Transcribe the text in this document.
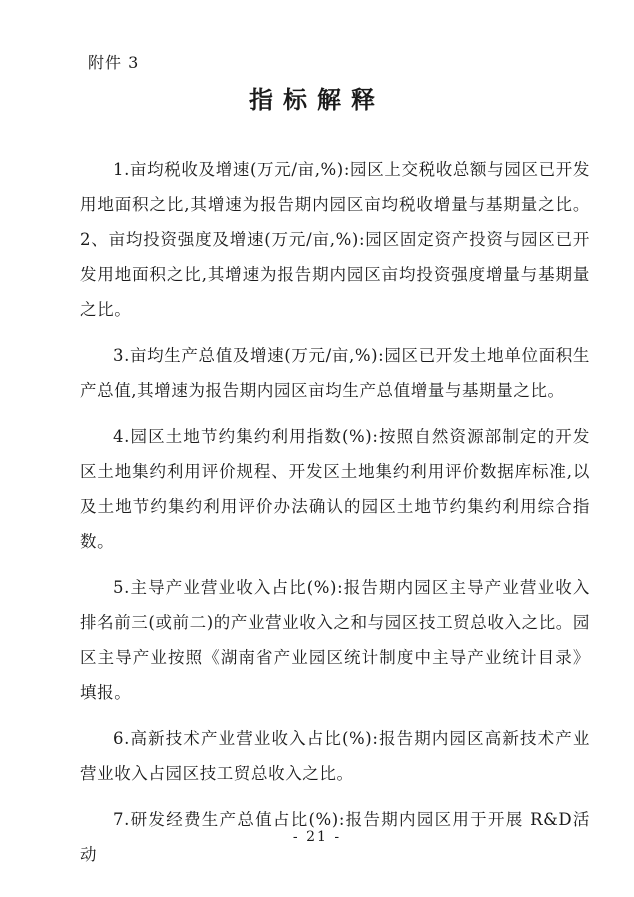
附件 3
指标解释

1.亩均税收及增速(万元/亩,%):园区上交税收总额与园区已开发用地面积之比,其增速为报告期内园区亩均税收增量与基期量之比。2、亩均投资强度及增速(万元/亩,%):园区固定资产投资与园区已开发用地面积之比,其增速为报告期内园区亩均投资强度增量与基期量之比。

3.亩均生产总值及增速(万元/亩,%):园区已开发土地单位面积生产总值,其增速为报告期内园区亩均生产总值增量与基期量之比。

4.园区土地节约集约利用指数(%):按照自然资源部制定的开发区土地集约利用评价规程、开发区土地集约利用评价数据库标准,以及土地节约集约利用评价办法确认的园区土地节约集约利用综合指数。

5.主导产业营业收入占比(%):报告期内园区主导产业营业收入排名前三(或前二)的产业营业收入之和与园区技工贸总收入之比。园区主导产业按照《湖南省产业园区统计制度中主导产业统计目录》填报。

6.高新技术产业营业收入占比(%):报告期内园区高新技术产业营业收入占园区技工贸总收入之比。

7.研发经费生产总值占比(%):报告期内园区用于开展 R&D活动

- 21 -
